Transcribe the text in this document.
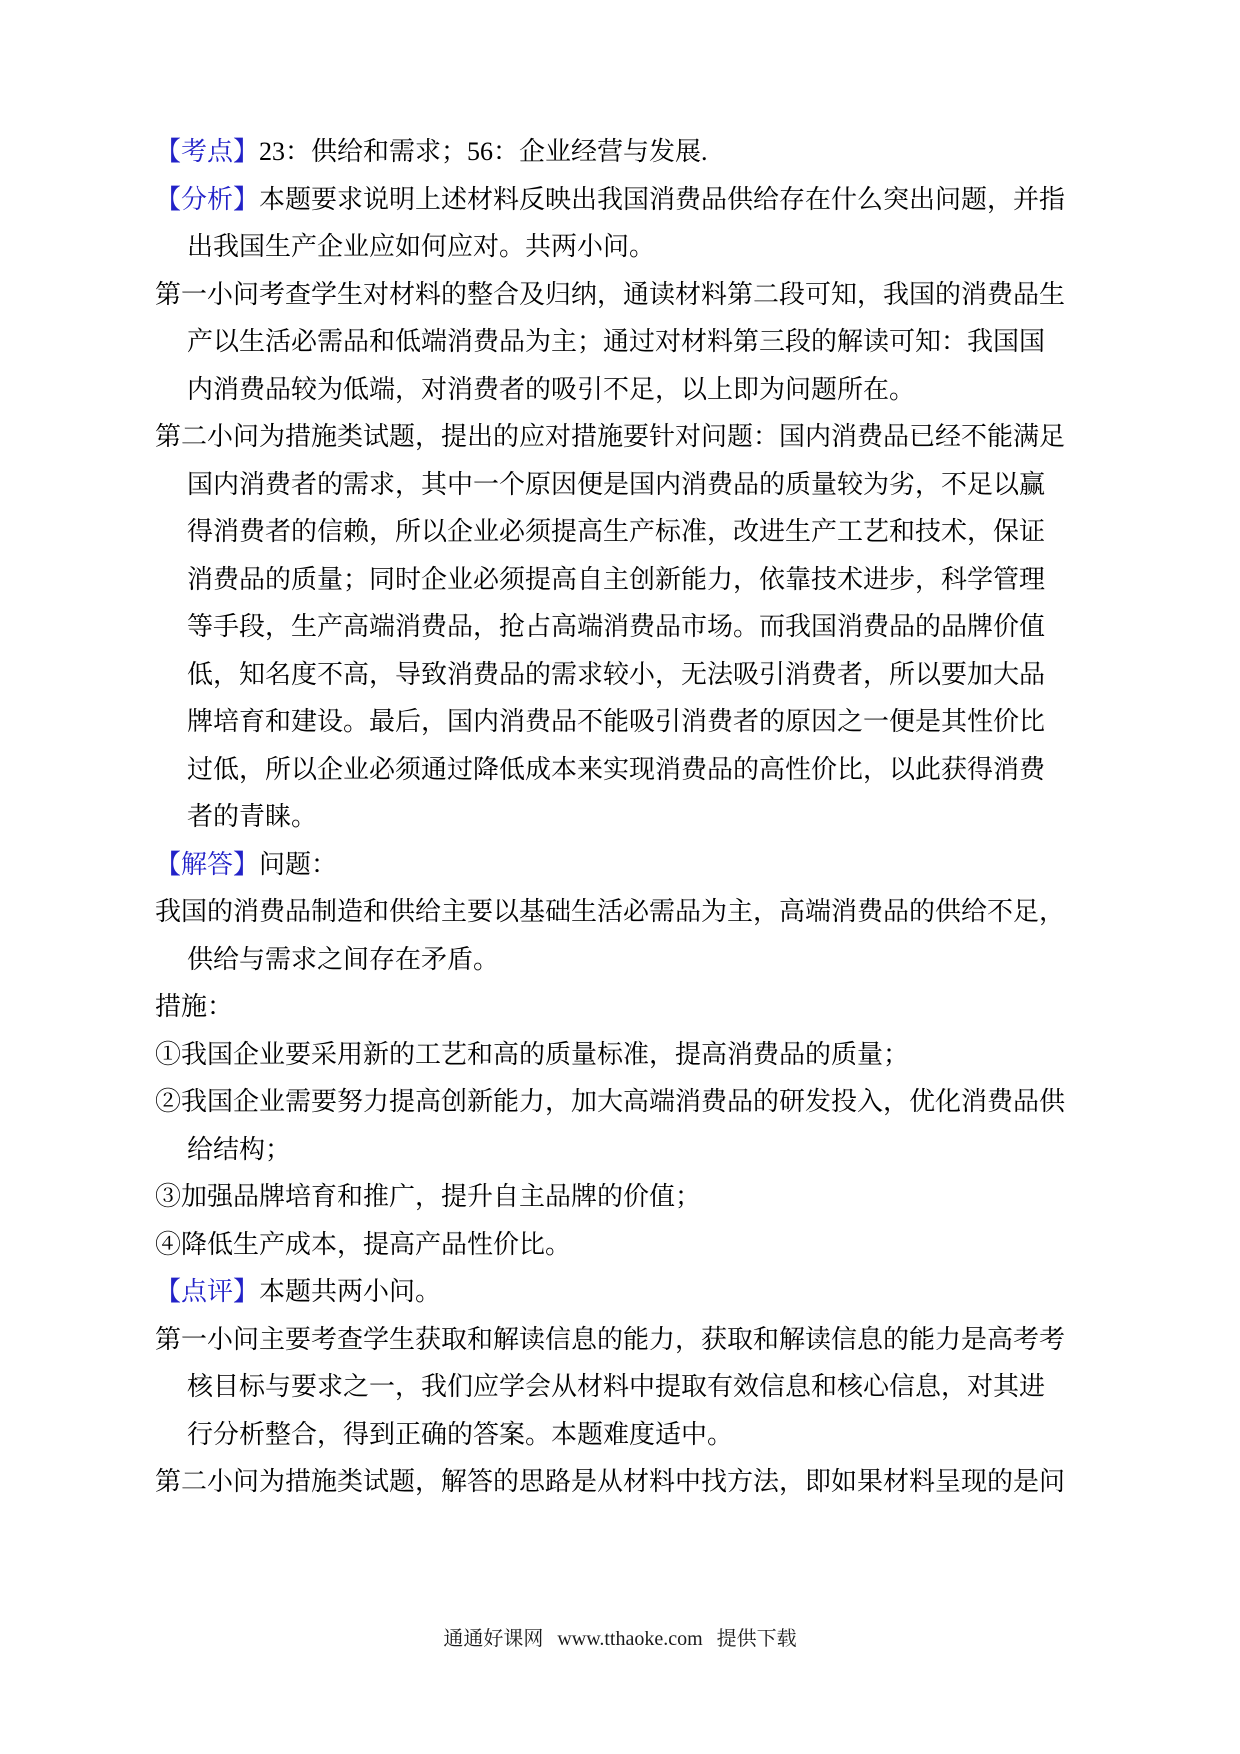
【考点】23：供给和需求；56：企业经营与发展.
【分析】本题要求说明上述材料反映出我国消费品供给存在什么突出问题，并指
出我国生产企业应如何应对。共两小问。
第一小问考查学生对材料的整合及归纳，通读材料第二段可知，我国的消费品生
产以生活必需品和低端消费品为主；通过对材料第三段的解读可知：我国国
内消费品较为低端，对消费者的吸引不足，以上即为问题所在。
第二小问为措施类试题，提出的应对措施要针对问题：国内消费品已经不能满足
国内消费者的需求，其中一个原因便是国内消费品的质量较为劣，不足以赢
得消费者的信赖，所以企业必须提高生产标准，改进生产工艺和技术，保证
消费品的质量；同时企业必须提高自主创新能力，依靠技术进步，科学管理
等手段，生产高端消费品，抢占高端消费品市场。而我国消费品的品牌价值
低，知名度不高，导致消费品的需求较小，无法吸引消费者，所以要加大品
牌培育和建设。最后，国内消费品不能吸引消费者的原因之一便是其性价比
过低，所以企业必须通过降低成本来实现消费品的高性价比，以此获得消费
者的青睐。
【解答】问题：
我国的消费品制造和供给主要以基础生活必需品为主，高端消费品的供给不足，
供给与需求之间存在矛盾。
措施：
①我国企业要采用新的工艺和高的质量标准，提高消费品的质量；
②我国企业需要努力提高创新能力，加大高端消费品的研发投入，优化消费品供
给结构；
③加强品牌培育和推广，提升自主品牌的价值；
④降低生产成本，提高产品性价比。
【点评】本题共两小问。
第一小问主要考查学生获取和解读信息的能力，获取和解读信息的能力是高考考
核目标与要求之一，我们应学会从材料中提取有效信息和核心信息，对其进
行分析整合，得到正确的答案。本题难度适中。
第二小问为措施类试题，解答的思路是从材料中找方法，即如果材料呈现的是问
通通好课网 www.tthaoke.com 提供下载
